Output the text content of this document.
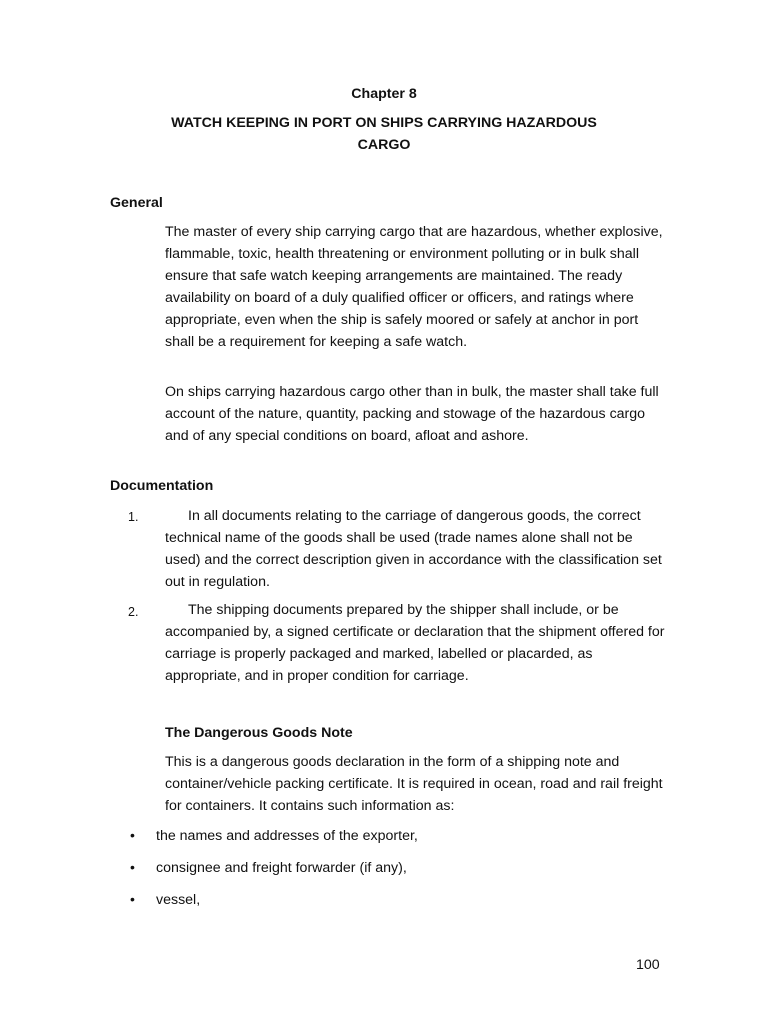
Chapter 8
WATCH KEEPING IN PORT ON SHIPS CARRYING HAZARDOUS
CARGO
General

The master of every ship carrying cargo that are hazardous, whether explosive, flammable, toxic, health threatening or environment polluting or in bulk shall ensure that safe watch keeping arrangements are maintained. The ready availability on board of a duly qualified officer or officers, and ratings where appropriate, even when the ship is safely moored or safely at anchor in port shall be a requirement for keeping a safe watch.

On ships carrying hazardous cargo other than in bulk, the master shall take full account of the nature, quantity, packing and stowage of the hazardous cargo and of any special conditions on board, afloat and ashore.

Documentation
1.	In all documents relating to the carriage of dangerous goods, the correct technical name of the goods shall be used (trade names alone shall not be used) and the correct description given in accordance with the classification set out in regulation.

2.	The shipping documents prepared by the shipper shall include, or be accompanied by, a signed certificate or declaration that the shipment offered for carriage is properly packaged and marked, labelled or placarded, as appropriate, and in proper condition for carriage.

The Dangerous Goods Note

This is a dangerous goods declaration in the form of a shipping note and container/vehicle packing certificate. It is required in ocean, road and rail freight for containers. It contains such information as:

• the names and addresses of the exporter,
• consignee and freight forwarder (if any),
• vessel,
100
